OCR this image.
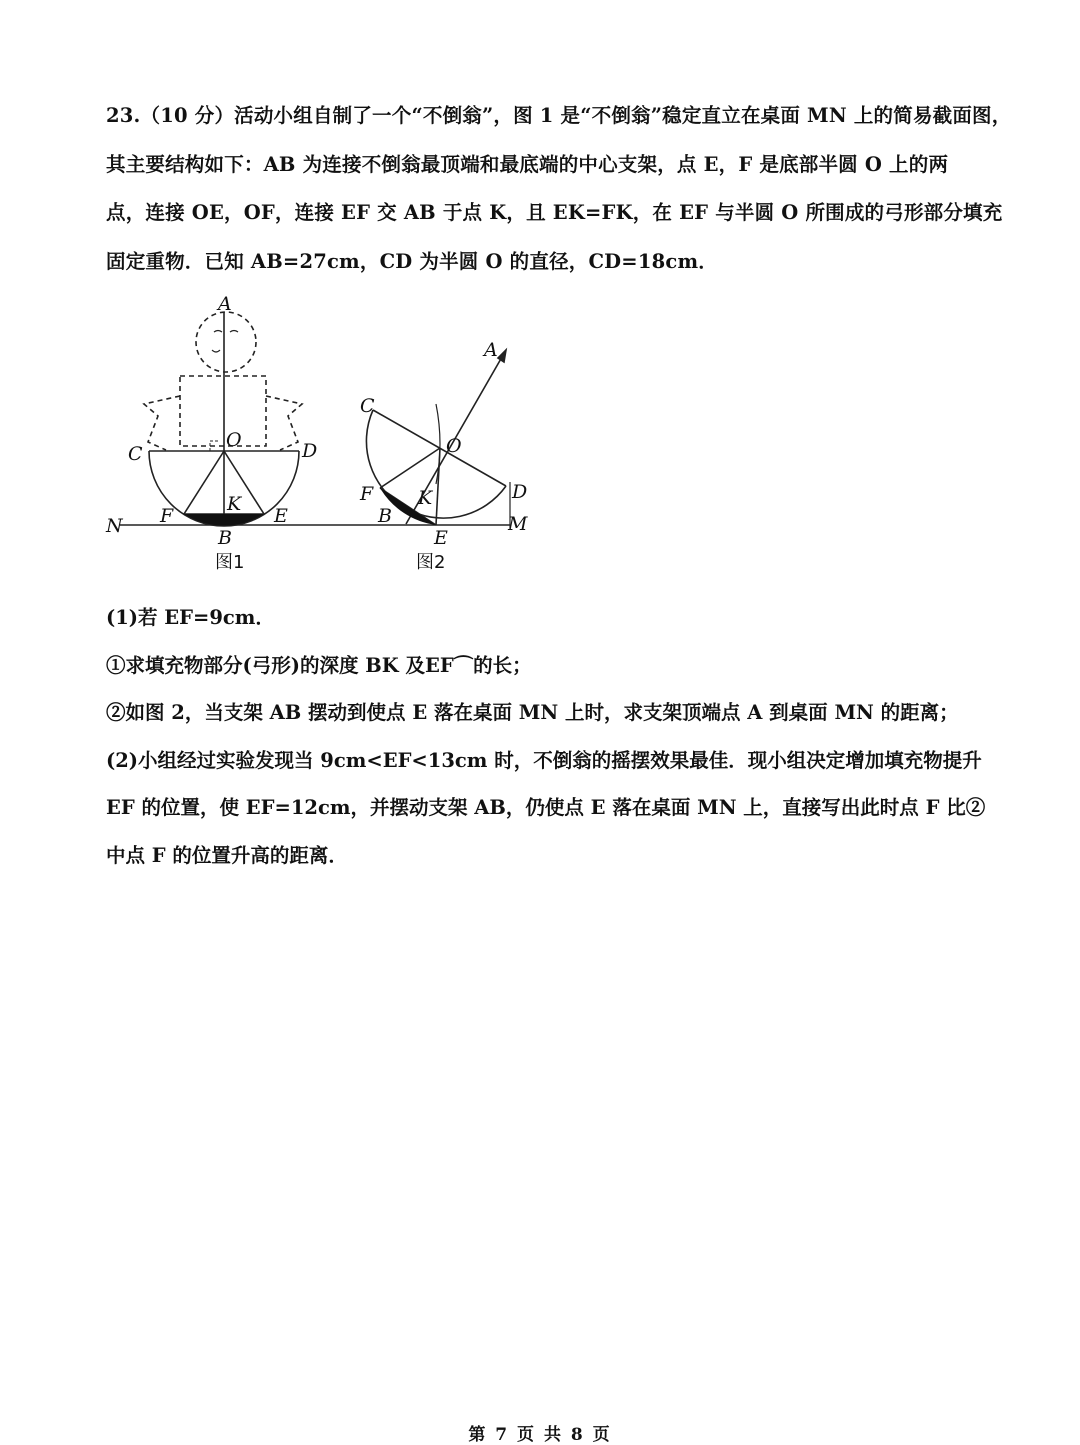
23.（10 分）活动小组自制了一个“不倒翁”，图 1 是“不倒翁”稳定直立在桌面 MN 上的简易截面图，
其主要结构如下：AB 为连接不倒翁最顶端和最底端的中心支架，点 E，F 是底部半圆 O 上的两
点，连接 OE，OF，连接 EF 交 AB 于点 K，且 EK=FK，在 EF 与半圆 O 所围成的弓形部分填充
固定重物．已知 AB=27cm，CD 为半圆 O 的直径，CD=18cm．
A
O
C	D
K
F	E
B
N
图1
A
C
O
F K	D
B
E
M
图2
(1)若 EF=9cm．
①求填充物部分(弓形)的深度 BK 及EF⌒的长；
②如图 2，当支架 AB 摆动到使点 E 落在桌面 MN 上时，求支架顶端点 A 到桌面 MN 的距离；
(2)小组经过实验发现当 9cm<EF<13cm 时，不倒翁的摇摆效果最佳．现小组决定增加填充物提升
EF 的位置，使 EF=12cm，并摆动支架 AB，仍使点 E 落在桌面 MN 上，直接写出此时点 F 比②
中点 F 的位置升高的距离．
第 7 页 共 8 页
